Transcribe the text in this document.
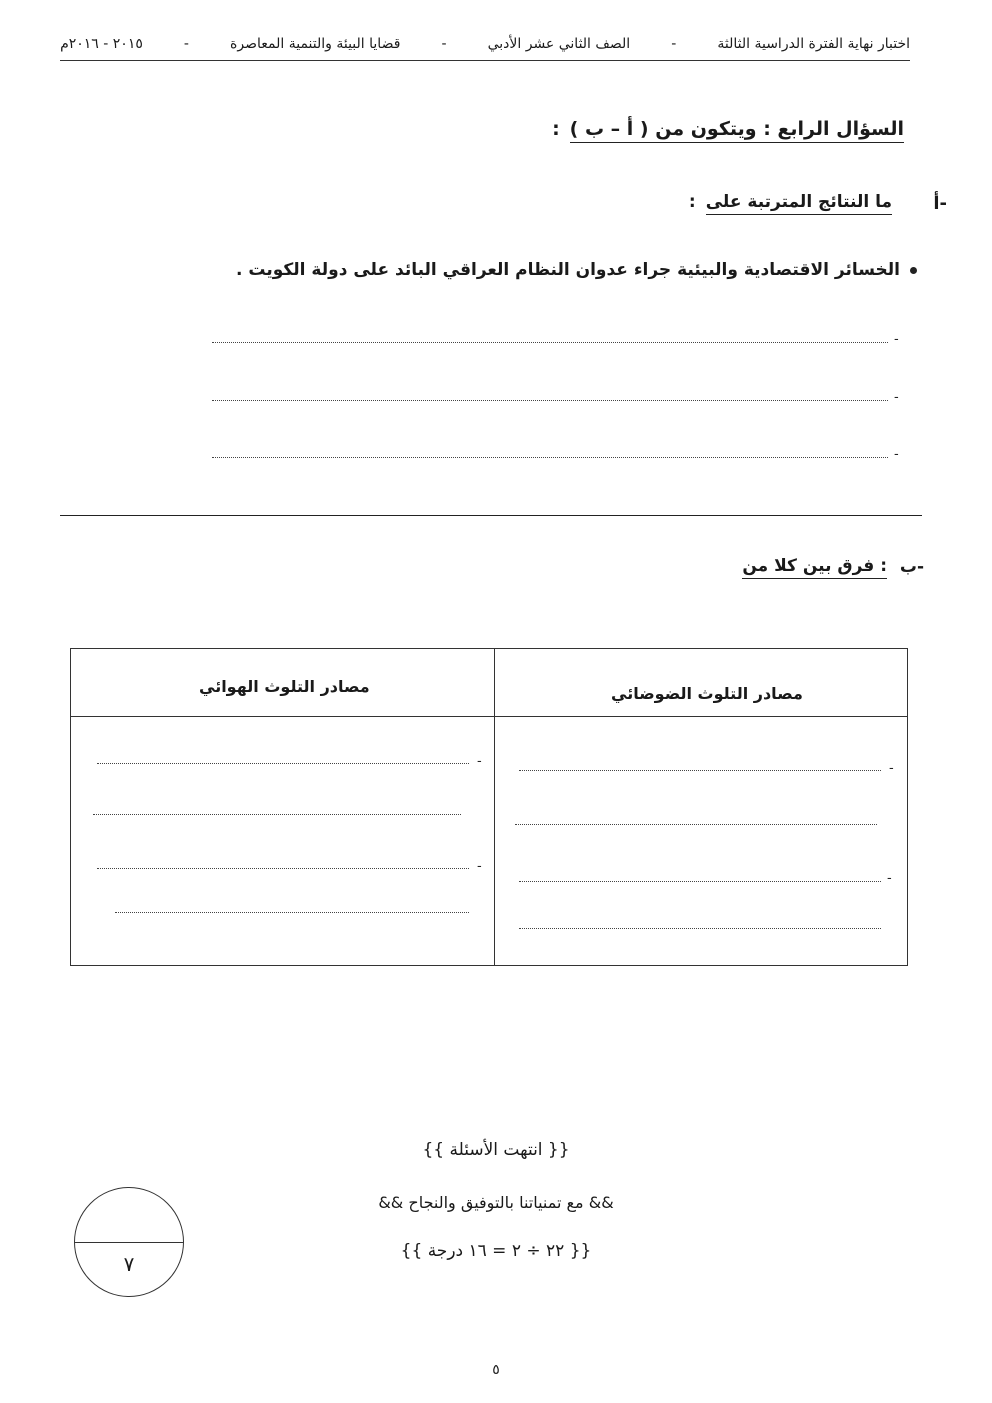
اختبار نهاية الفترة الدراسية الثالثة
-
الصف الثاني عشر الأدبي
-
قضايا البيئة والتنمية المعاصرة
-
٢٠١٥ - ٢٠١٦م
السؤال الرابع : ويتكون من ( أ – ب )
:
أ-
ما النتائج المترتبة على
:
الخسائر الاقتصادية والبيئية جراء عدوان النظام العراقي البائد على دولة الكويت .
-
-
-
ب-
فرق بين كلا من :
مصادر التلوث الضوضائي
مصادر التلوث الهوائي
-
-
-
-
{{ انتهت الأسئلة }}
&& مع تمنياتنا بالتوفيق والنجاح &&
{{ ٢٢ ÷ ٢ = ١٦ درجة }}
٧
٥
